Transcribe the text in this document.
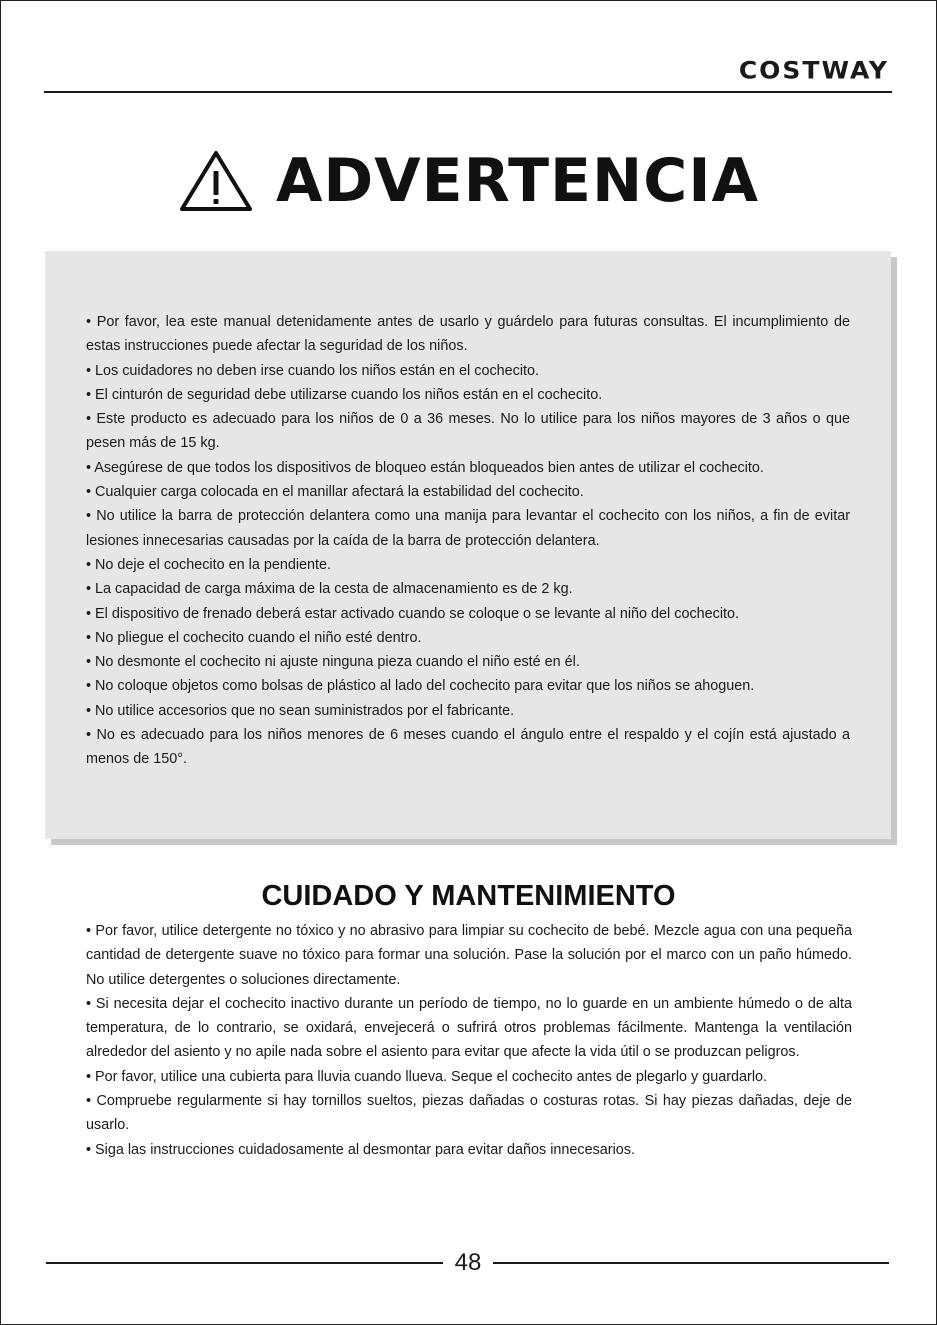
COSTWAY
ADVERTENCIA
• Por favor, lea este manual detenidamente antes de usarlo y guárdelo para futuras consultas. El incumplimiento de estas instrucciones puede afectar la seguridad de los niños.
• Los cuidadores no deben irse cuando los niños están en el cochecito.
• El cinturón de seguridad debe utilizarse cuando los niños están en el cochecito.
• Este producto es adecuado para los niños de 0 a 36 meses. No lo utilice para los niños mayores de 3 años o que pesen más de 15 kg.
• Asegúrese de que todos los dispositivos de bloqueo están bloqueados bien antes de utilizar el cochecito.
• Cualquier carga colocada en el manillar afectará la estabilidad del cochecito.
• No utilice la barra de protección delantera como una manija para levantar el cochecito con los niños, a fin de evitar lesiones innecesarias causadas por la caída de la barra de protección delantera.
• No deje el cochecito en la pendiente.
• La capacidad de carga máxima de la cesta de almacenamiento es de 2 kg.
• El dispositivo de frenado deberá estar activado cuando se coloque o se levante al niño del cochecito.
• No pliegue el cochecito cuando el niño esté dentro.
• No desmonte el cochecito ni ajuste ninguna pieza cuando el niño esté en él.
• No coloque objetos como bolsas de plástico al lado del cochecito para evitar que los niños se ahoguen.
• No utilice accesorios que no sean suministrados por el fabricante.
• No es adecuado para los niños menores de 6 meses cuando el ángulo entre el respaldo y el cojín está ajustado a menos de 150°.
CUIDADO Y MANTENIMIENTO
• Por favor, utilice detergente no tóxico y no abrasivo para limpiar su cochecito de bebé. Mezcle agua con una pequeña cantidad de detergente suave no tóxico para formar una solución. Pase la solución por el marco con un paño húmedo. No utilice detergentes o soluciones directamente.
• Si necesita dejar el cochecito inactivo durante un período de tiempo, no lo guarde en un ambiente húmedo o de alta temperatura, de lo contrario, se oxidará, envejecerá o sufrirá otros problemas fácilmente. Mantenga la ventilación alrededor del asiento y no apile nada sobre el asiento para evitar que afecte la vida útil o se produzcan peligros.
• Por favor, utilice una cubierta para lluvia cuando llueva. Seque el cochecito antes de plegarlo y guardarlo.
• Compruebe regularmente si hay tornillos sueltos, piezas dañadas o costuras rotas. Si hay piezas dañadas, deje de usarlo.
• Siga las instrucciones cuidadosamente al desmontar para evitar daños innecesarios.
48
